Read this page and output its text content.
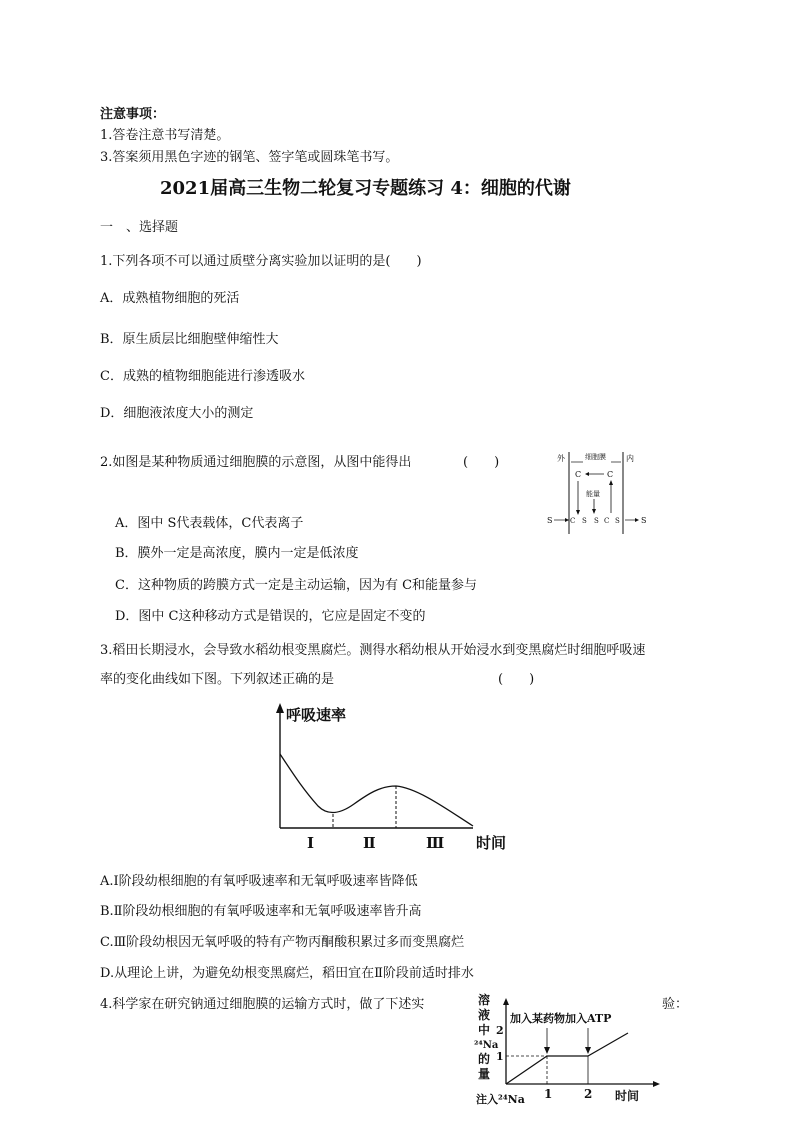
注意事项：
1.答卷注意书写清楚。
3.答案须用黑色字迹的钢笔、签字笔或圆珠笔书写。
2021届高三生物二轮复习专题练习 4：细胞的代谢
一　、选择题
1.下列各项不可以通过质壁分离实验加以证明的是(　　)
A．成熟植物细胞的死活
B．原生质层比细胞壁伸缩性大
C．成熟的植物细胞能进行渗透吸水
D．细胞液浓度大小的测定
2.如图是某种物质通过细胞膜的示意图，从图中能得出	(　　)	外	细胞膜	内
C	C
能量
S	C S S C S	S
A．图中 S代表载体，C代表离子
B．膜外一定是高浓度，膜内一定是低浓度
C．这种物质的跨膜方式一定是主动运输，因为有 C和能量参与
D．图中 C这种移动方式是错误的，它应是固定不变的
3.稻田长期浸水，会导致水稻幼根变黑腐烂。测得水稻幼根从开始浸水到变黑腐烂时细胞呼吸速
率的变化曲线如下图。下列叙述正确的是	(　　)
呼吸速率
时间
Ⅰ	Ⅱ	Ⅲ
A.Ⅰ阶段幼根细胞的有氧呼吸速率和无氧呼吸速率皆降低
B.Ⅱ阶段幼根细胞的有氧呼吸速率和无氧呼吸速率皆升高
C.Ⅲ阶段幼根因无氧呼吸的特有产物丙酮酸积累过多而变黑腐烂
D.从理论上讲，为避免幼根变黑腐烂，稻田宜在Ⅱ阶段前适时排水
4.科学家在研究钠通过细胞膜的运输方式时，做了下述实	验：
溶
液
中
²⁴Na
的
量
2
1
加入某药物加入ATP
1	2 时间
注入²⁴Na
